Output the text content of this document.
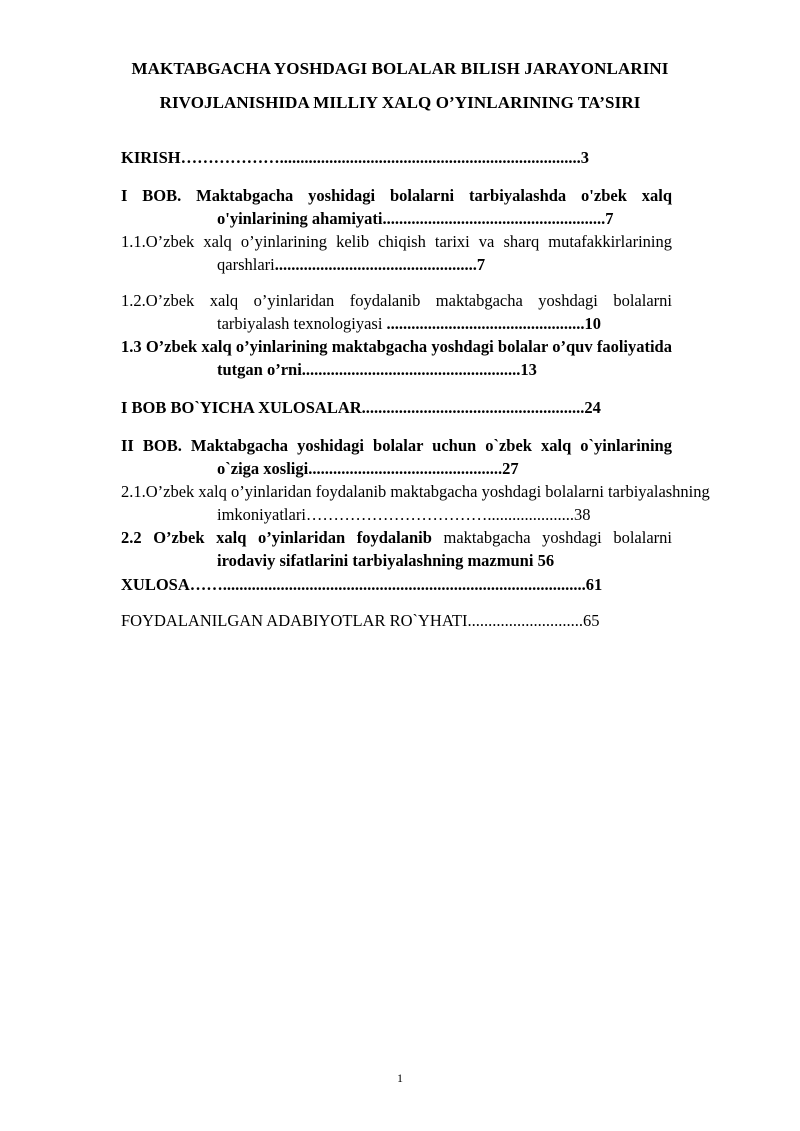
MAKTABGACHA YOSHDAGI BOLALAR BILISH JARAYONLARINI
RIVOJLANISHIDA MILLIY XALQ O’YINLARINING TA’SIRI

KIRISH……………….........................................................................3

I BOB. Maktabgacha yoshidagi bolalarni tarbiyalashda o'zbek xalq o'yinlarining ahamiyati......................................................7

1.1.O’zbek xalq o’yinlarining kelib chiqish tarixi va sharq mutafakkirlarining qarshlari.................................................7

1.2.O’zbek xalq o’yinlaridan foydalanib maktabgacha yoshdagi bolalarni tarbiyalash texnologiyasi ................................................10

1.3 O’zbek xalq o’yinlarining maktabgacha yoshdagi bolalar o’quv faoliyatida tutgan o’rni.....................................................13

I BOB BO`YICHA XULOSALAR......................................................24

II BOB. Maktabgacha yoshidagi bolalar uchun o`zbek xalq o`yinlarining o`ziga xosligi...............................................27

2.1.O’zbek xalq o’yinlaridan foydalanib maktabgacha yoshdagi bolalarni tarbiyalashning

imkoniyatlari…………………………….....................38

2.2 O’zbek xalq o’yinlaridan foydalanib maktabgacha yoshdagi bolalarni irodaviy sifatlarini tarbiyalashning mazmuni 56

XULOSA……........................................................................................61

FOYDALANILGAN ADABIYOTLAR RO`YHATI............................65

1
